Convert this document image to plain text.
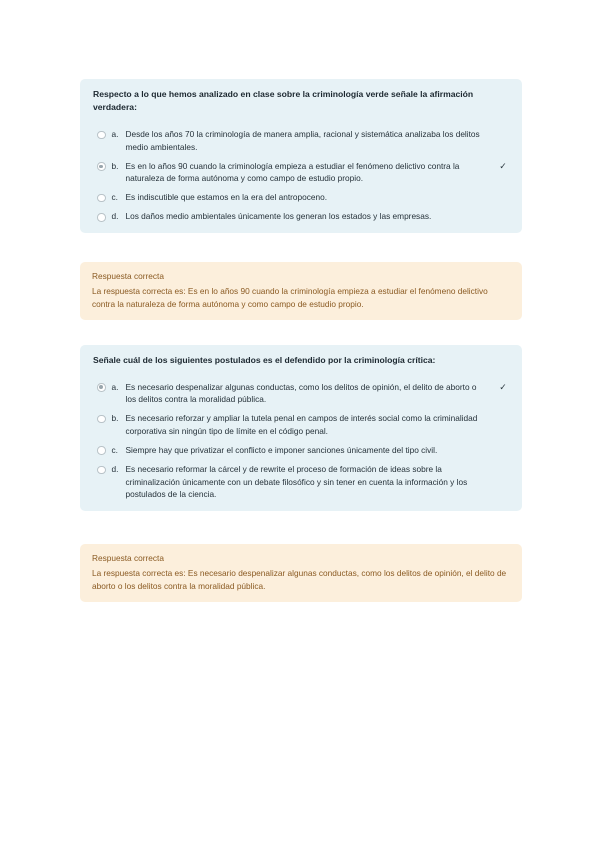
Respecto a lo que hemos analizado en clase sobre la criminología verde señale la afirmación verdadera:
a. Desde los años 70 la criminología de manera amplia, racional y sistemática analizaba los delitos medio ambientales.
b. Es en lo años 90 cuando la criminología empieza a estudiar el fenómeno delictivo contra la naturaleza de forma autónoma y como campo de estudio propio.
✓
c. Es indiscutible que estamos en la era del antropoceno.
d. Los daños medio ambientales únicamente los generan los estados y las empresas.
Respuesta correcta
La respuesta correcta es: Es en lo años 90 cuando la criminología empieza a estudiar el fenómeno delictivo contra la naturaleza de forma autónoma y como campo de estudio propio.
Señale cuál de los siguientes postulados es el defendido por la criminología crítica:
a. Es necesario despenalizar algunas conductas, como los delitos de opinión, el delito de aborto o los delitos contra la moralidad pública.
✓
b. Es necesario reforzar y ampliar la tutela penal en campos de interés social como la criminalidad corporativa sin ningún tipo de límite en el código penal.
c. Siempre hay que privatizar el conflicto e imponer sanciones únicamente del tipo civil.
d. Es necesario reformar la cárcel y de rewrite el proceso de formación de ideas sobre la criminalización únicamente con un debate filosófico y sin tener en cuenta la información y los postulados de la ciencia.
Respuesta correcta
La respuesta correcta es: Es necesario despenalizar algunas conductas, como los delitos de opinión, el delito de aborto o los delitos contra la moralidad pública.
